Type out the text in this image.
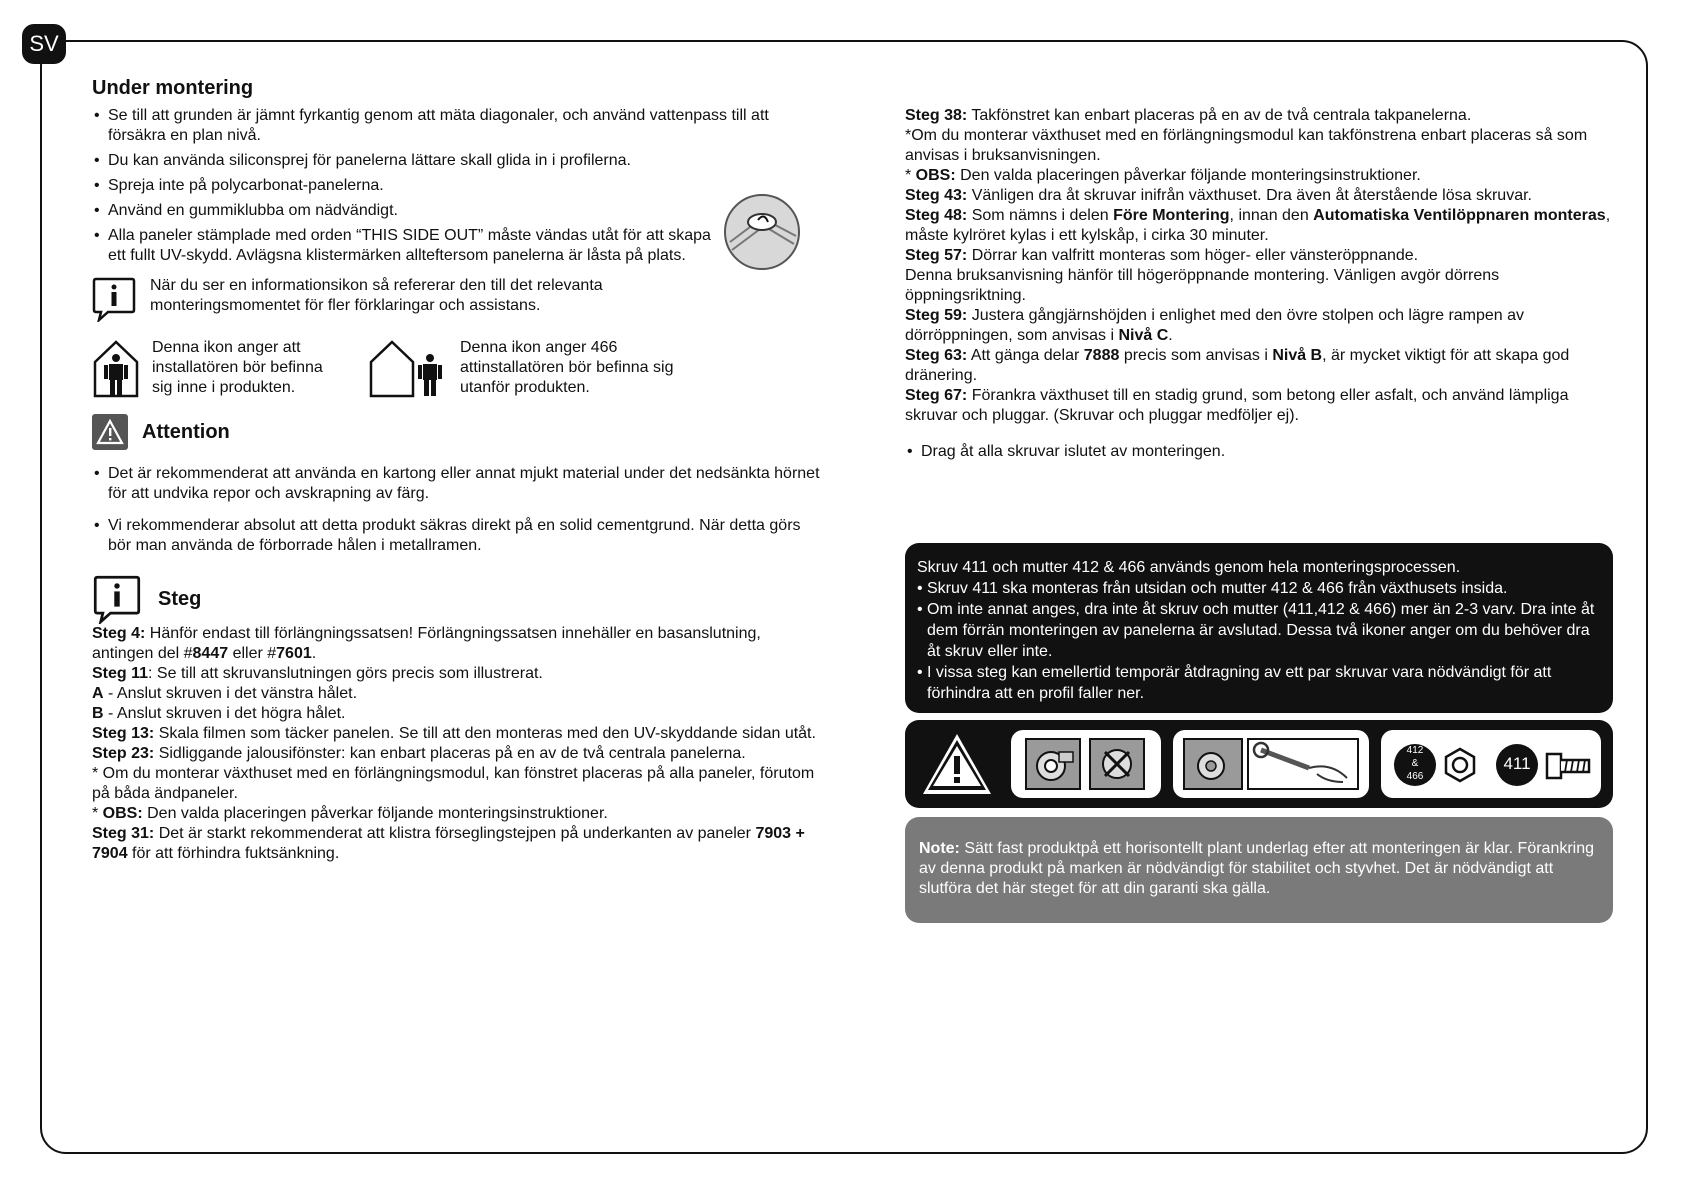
SV
Under montering
• Se till att grunden är jämnt fyrkantig genom att mäta diagonaler, och använd vattenpass till att försäkra en plan nivå.
• Du kan använda siliconsprej för panelerna lättare skall glida in i profilerna.
• Spreja inte på polycarbonat-panelerna.
• Använd en gummiklubba om nädvändigt.
• Alla paneler stämplade med orden “THIS SIDE OUT” måste vändas utåt för att skapa ett fullt UV-skydd. Avlägsna klistermärken allteftersom panelerna är låsta på plats.
När du ser en informationsikon så refererar den till det relevanta monteringsmomentet för fler förklaringar och assistans.
Denna ikon anger att installatören bör befinna sig inne i produkten.
Denna ikon anger 466 attinstallatören bör befinna sig utanför produkten.
Attention
• Det är rekommenderat att använda en kartong eller annat mjukt material under det nedsänkta hörnet för att undvika repor och avskrapning av färg.
• Vi rekommenderar absolut att detta produkt säkras direkt på en solid cementgrund. När detta görs bör man använda de förborrade hålen i metallramen.
Steg

Steg 4: Hänför endast till förlängningssatsen! Förlängningssatsen innehäller en basanslutning, antingen del #8447 eller #7601.

Steg 11: Se till att skruvanslutningen görs precis som illustrerat.

A - Anslut skruven i det vänstra hålet.

B - Anslut skruven i det högra hålet.

Steg 13: Skala filmen som täcker panelen. Se till att den monteras med den UV-skyddande sidan utåt.

Step 23: Sidliggande jalousifönster: kan enbart placeras på en av de två centrala panelerna.

* Om du monterar växthuset med en förlängningsmodul, kan fönstret placeras på alla paneler, förutom på båda ändpaneler.

* OBS: Den valda placeringen påverkar följande monteringsinstruktioner.

Steg 31: Det är starkt rekommenderat att klistra förseglingstejpen på underkanten av paneler 7903 + 7904 för att förhindra fuktsänkning.

Steg 38: Takfönstret kan enbart placeras på en av de två centrala takpanelerna.

*Om du monterar växthuset med en förlängningsmodul kan takfönstrena enbart placeras så som anvisas i bruksanvisningen.

* OBS: Den valda placeringen påverkar följande monteringsinstruktioner.

Steg 43: Vänligen dra åt skruvar inifrån växthuset. Dra även åt återstående lösa skruvar.

Steg 48: Som nämns i delen Före Montering, innan den Automatiska Ventilöppnaren monteras, måste kylröret kylas i ett kylskåp, i cirka 30 minuter.

Steg 57: Dörrar kan valfritt monteras som höger- eller vänsteröppnande.

Denna bruksanvisning hänför till högeröppnande montering. Vänligen avgör dörrens öppningsriktning.

Steg 59: Justera gångjärnshöjden i enlighet med den övre stolpen och lägre rampen av dörröppningen, som anvisas i Nivå C.

Steg 63: Att gänga delar 7888 precis som anvisas i Nivå B, är mycket viktigt för att skapa god dränering.

Steg 67: Förankra växthuset till en stadig grund, som betong eller asfalt, och använd lämpliga skruvar och pluggar. (Skruvar och pluggar medföljer ej).

• Drag åt alla skruvar islutet av monteringen.
Skruv 411 och mutter 412 & 466 används genom hela monteringsprocessen.
• Skruv 411 ska monteras från utsidan och mutter 412 & 466 från växthusets insida.
• Om inte annat anges, dra inte åt skruv och mutter (411,412 & 466) mer än 2-3 varv. Dra inte åt dem förrän monteringen av panelerna är avslutad. Dessa två ikoner anger om du behöver dra åt skruv eller inte.
• I vissa steg kan emellertid temporär åtdragning av ett par skruvar vara nödvändigt för att förhindra att en profil faller ner.
412
&
466
411
Note: Sätt fast produktpå ett horisontellt plant underlag efter att monteringen är klar. Förankring av denna produkt på marken är nödvändigt för stabilitet och styvhet. Det är nödvändigt att slutföra det här steget för att din garanti ska gälla.
